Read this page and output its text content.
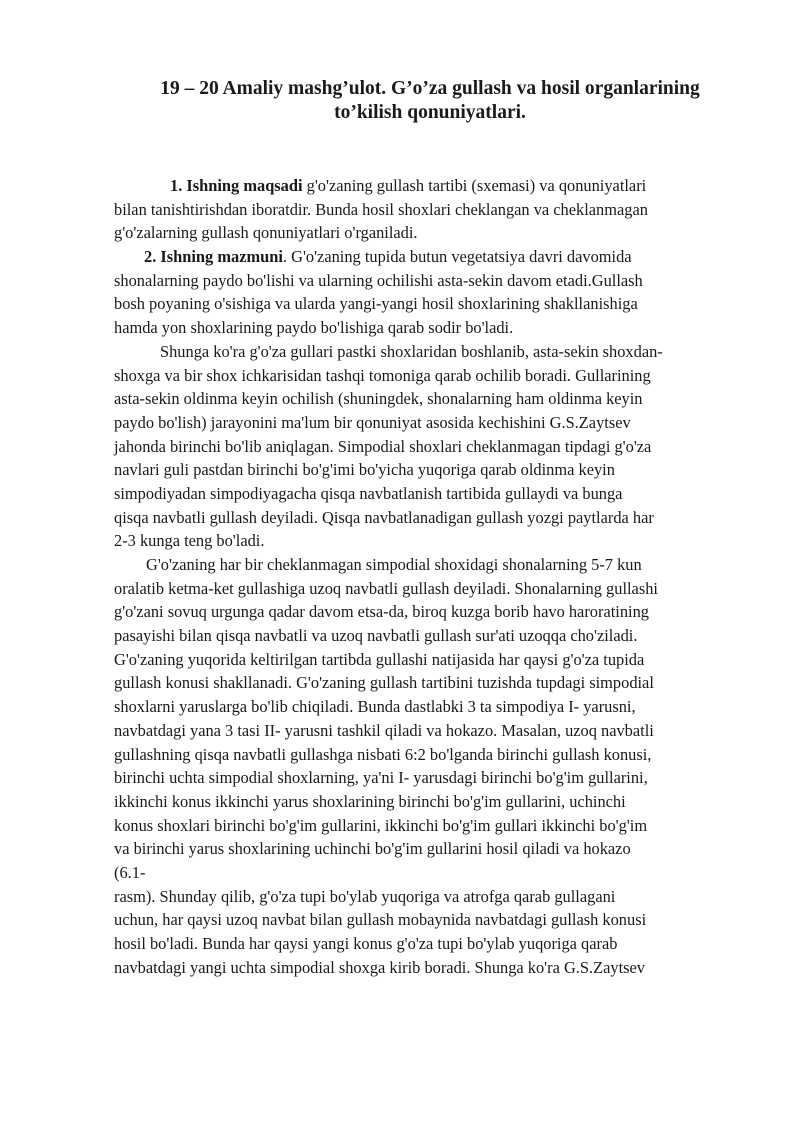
19 – 20 Amaliy mashg’ulot. G’o’za gullash va hosil organlarining
to’kilish qonuniyatlari.
1. Ishning maqsadi g'o'zaning gullash tartibi (sxemasi) va qonuniyatlari
bilan tanishtirishdan iboratdir. Bunda hosil shoxlari cheklangan va cheklanmagan
g'o'zalarning gullash qonuniyatlari o'rganiladi.
2. Ishning mazmuni. G'o'zaning tupida butun vegetatsiya davri davomida
shonalarning paydo bo'lishi va ularning ochilishi asta-sekin davom etadi.Gullash
bosh poyaning o'sishiga va ularda yangi-yangi hosil shoxlarining shakllanishiga
hamda yon shoxlarining paydo bo'lishiga qarab sodir bo'ladi.
Shunga ko'ra g'o'za gullari pastki shoxlaridan boshlanib, asta-sekin shoxdan-
shoxga va bir shox ichkarisidan tashqi tomoniga qarab ochilib boradi. Gullarining
asta-sekin oldinma keyin ochilish (shuningdek, shonalarning ham oldinma keyin
paydo bo'lish) jarayonini ma'lum bir qonuniyat asosida kechishini G.S.Zaytsev
jahonda birinchi bo'lib aniqlagan. Simpodial shoxlari cheklanmagan tipdagi g'o'za
navlari guli pastdan birinchi bo'g'imi bo'yicha yuqoriga qarab oldinma keyin
simpodiyadan simpodiyagacha qisqa navbatlanish tartibida gullaydi va bunga
qisqa navbatli gullash deyiladi. Qisqa navbatlanadigan gullash yozgi paytlarda har
2-3 kunga teng bo'ladi.
G'o'zaning har bir cheklanmagan simpodial shoxidagi shonalarning 5-7 kun
oralatib ketma-ket gullashiga uzoq navbatli gullash deyiladi. Shonalarning gullashi
g'o'zani sovuq urgunga qadar davom etsa-da, biroq kuzga borib havo haroratining
pasayishi bilan qisqa navbatli va uzoq navbatli gullash sur'ati uzoqqa cho'ziladi.
G'o'zaning yuqorida keltirilgan tartibda gullashi natijasida har qaysi g'o'za tupida
gullash konusi shakllanadi. G'o'zaning gullash tartibini tuzishda tupdagi simpodial
shoxlarni yaruslarga bo'lib chiqiladi. Bunda dastlabki 3 ta simpodiya I- yarusni,
navbatdagi yana 3 tasi II- yarusni tashkil qiladi va hokazo. Masalan, uzoq navbatli
gullashning qisqa navbatli gullashga nisbati 6:2 bo'lganda birinchi gullash konusi,
birinchi uchta simpodial shoxlarning, ya'ni I- yarusdagi birinchi bo'g'im gullarini,
ikkinchi konus ikkinchi yarus shoxlarining birinchi bo'g'im gullarini, uchinchi
konus shoxlari birinchi bo'g'im gullarini, ikkinchi bo'g'im gullari ikkinchi bo'g'im
va birinchi yarus shoxlarining uchinchi bo'g'im gullarini hosil qiladi va hokazo
(6.1-
rasm). Shunday qilib, g'o'za tupi bo'ylab yuqoriga va atrofga qarab gullagani
uchun, har qaysi uzoq navbat bilan gullash mobaynida navbatdagi gullash konusi
hosil bo'ladi. Bunda har qaysi yangi konus g'o'za tupi bo'ylab yuqoriga qarab
navbatdagi yangi uchta simpodial shoxga kirib boradi. Shunga ko'ra G.S.Zaytsev
